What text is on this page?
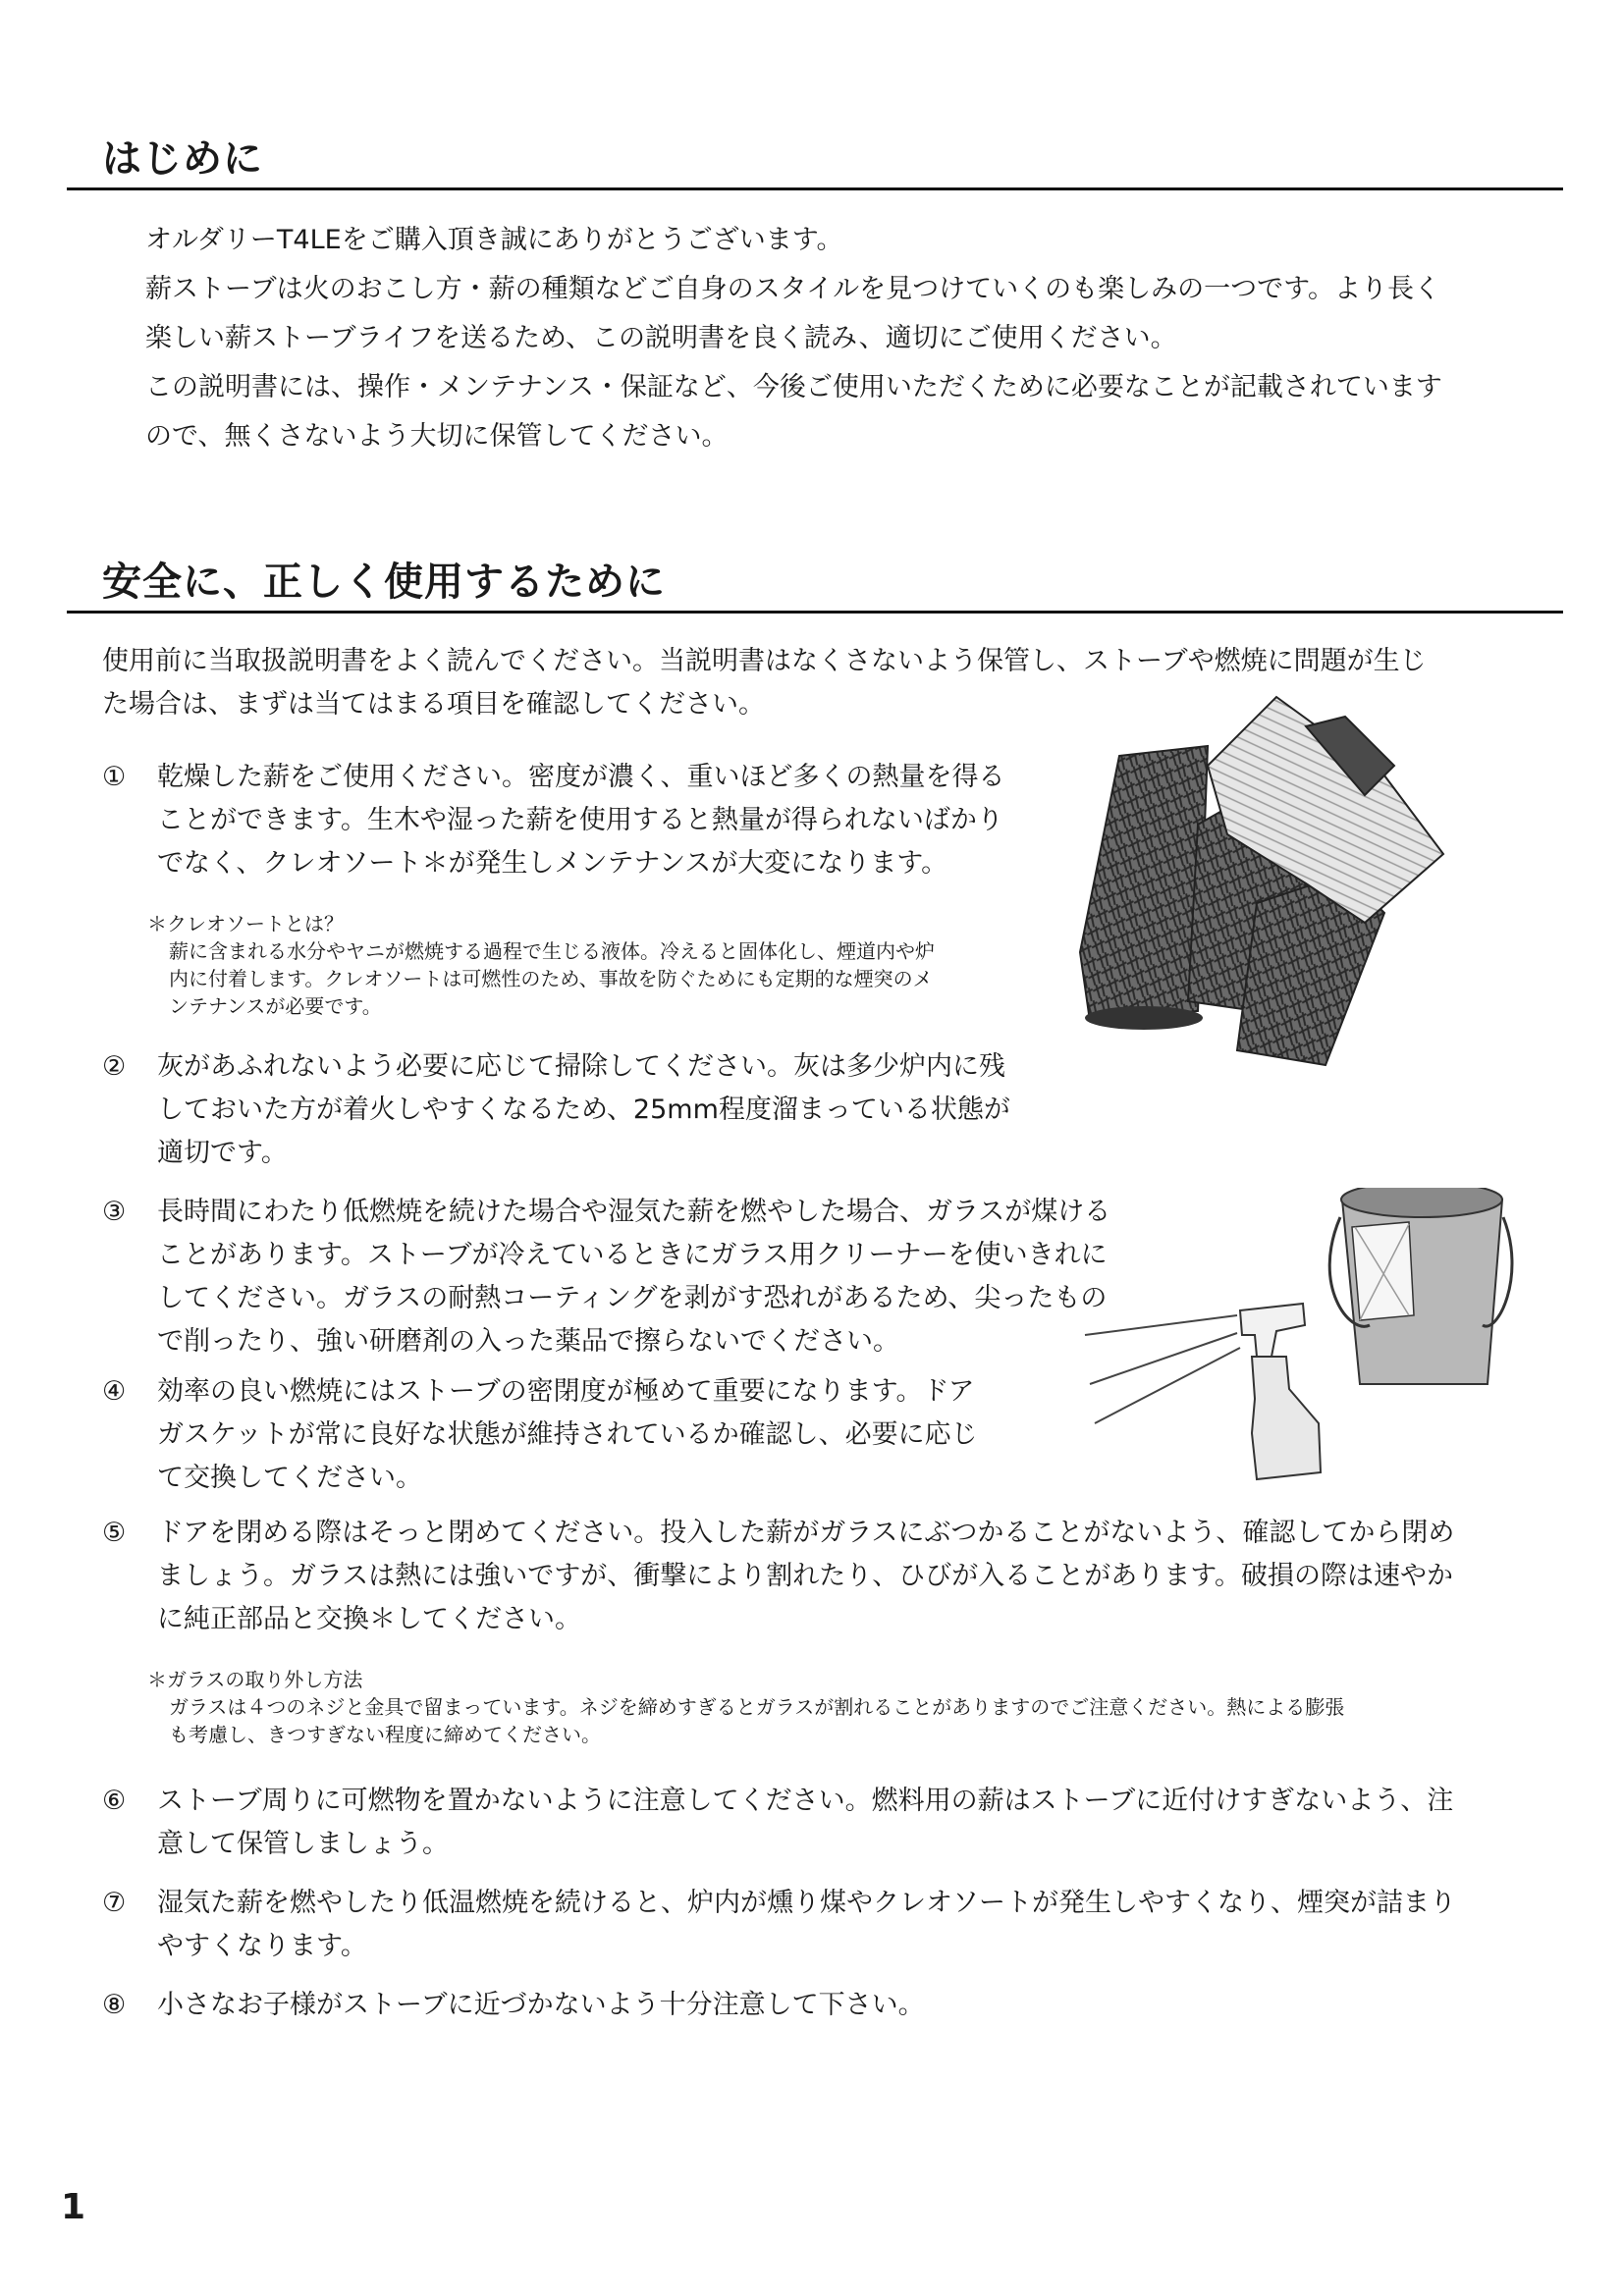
はじめに
オルダリーT4LEをご購入頂き誠にありがとうございます。
薪ストーブは火のおこし方・薪の種類などご自身のスタイルを見つけていくのも楽しみの一つです。より長く
楽しい薪ストーブライフを送るため、この説明書を良く読み、適切にご使用ください。
この説明書には、操作・メンテナンス・保証など、今後ご使用いただくために必要なことが記載されています
ので、無くさないよう大切に保管してください。
安全に、正しく使用するために
使用前に当取扱説明書をよく読んでください。当説明書はなくさないよう保管し、ストーブや燃焼に問題が生じ
た場合は、まずは当てはまる項目を確認してください。
① 乾燥した薪をご使用ください。密度が濃く、重いほど多くの熱量を得る
ことができます。生木や湿った薪を使用すると熱量が得られないばかり
でなく、クレオソート＊が発生しメンテナンスが大変になります。
＊クレオソートとは？
薪に含まれる水分やヤニが燃焼する過程で生じる液体。冷えると固体化し、煙道内や炉
内に付着します。クレオソートは可燃性のため、事故を防ぐためにも定期的な煙突のメ
ンテナンスが必要です。
② 灰があふれないよう必要に応じて掃除してください。灰は多少炉内に残
しておいた方が着火しやすくなるため、25mm程度溜まっている状態が
適切です。
③ 長時間にわたり低燃焼を続けた場合や湿気た薪を燃やした場合、ガラスが煤ける
ことがあります。ストーブが冷えているときにガラス用クリーナーを使いきれに
してください。ガラスの耐熱コーティングを剥がす恐れがあるため、尖ったもの
で削ったり、強い研磨剤の入った薬品で擦らないでください。
④ 効率の良い燃焼にはストーブの密閉度が極めて重要になります。ドア
ガスケットが常に良好な状態が維持されているか確認し、必要に応じ
て交換してください。
⑤ ドアを閉める際はそっと閉めてください。投入した薪がガラスにぶつかることがないよう、確認してから閉め
ましょう。ガラスは熱には強いですが、衝撃により割れたり、ひびが入ることがあります。破損の際は速やか
に純正部品と交換＊してください。
＊ガラスの取り外し方法
ガラスは４つのネジと金具で留まっています。ネジを締めすぎるとガラスが割れることがありますのでご注意ください。熱による膨張
も考慮し、きつすぎない程度に締めてください。
⑥ ストーブ周りに可燃物を置かないように注意してください。燃料用の薪はストーブに近付けすぎないよう、注
意して保管しましょう。
⑦ 湿気た薪を燃やしたり低温燃焼を続けると、炉内が燻り煤やクレオソートが発生しやすくなり、煙突が詰まり
やすくなります。
⑧ 小さなお子様がストーブに近づかないよう十分注意して下さい。
1
